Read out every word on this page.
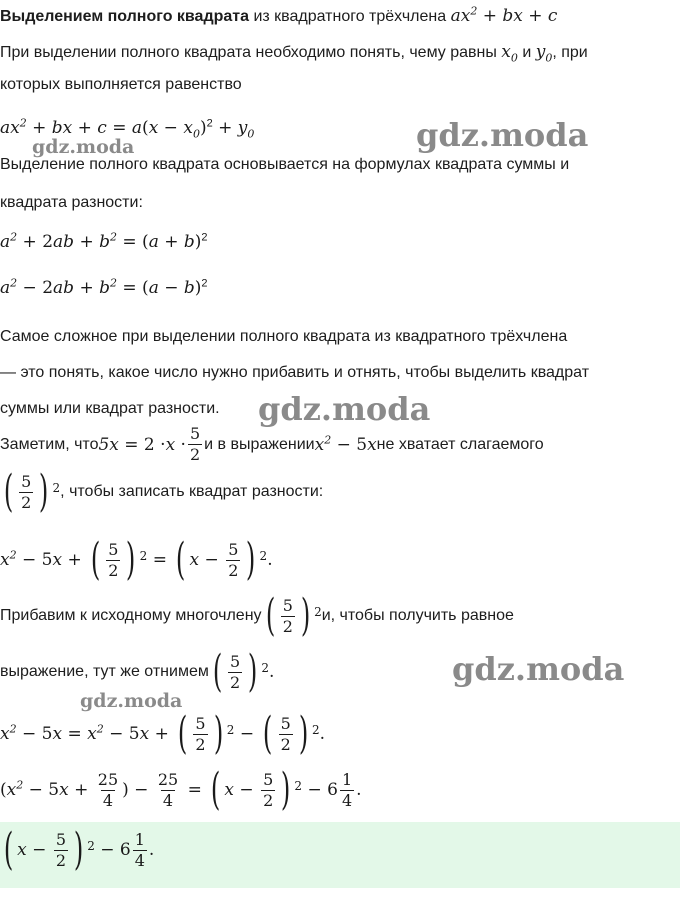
Выделением полного квадрата из квадратного трёхчлена $ax^2$ + bx + c
При выделении полного квадрата необходимо понять, чему равны $x_0$ и $y_0$, при
которых выполняется равенство
$ax^2$ + bx + $c = a(x - x_0)^2 + y_0$
Выделение полного квадрата основывается на формулах квадрата суммы и
квадрата разности:
$a^2 + 2ab + b^2 = (a + b)^2$
$a^2 - 2ab + b^2 = (a - b)^2$
Самое сложное при выделении полного квадрата из квадратного трёхчлена
— это понять, какое число нужно прибавить и отнять, чтобы выделить квадрат
суммы или квадрат разности.
Заметим, что $5x = 2 \cdot x \cdot \frac{5}{2}$ и в выражении $x^2 - 5$ x не хватает слагаемого
( $\frac{5}{2}$ ) 2 , чтобы записать квадрат разности:
$x^2 - 5$ x + ( $\frac{5}{2}$ ) 2 = ( $x - \frac{5}{2}$ ) 2 .
Прибавим к исходному многочлену ( $\frac{5}{2}$ ) 2 и, чтобы получить равное
выражение, тут же отнимем ( $\frac{5}{2}$ ) 2 .
$x^2 - 5$ $x = x^2 - 5$ x + ( $\frac{5}{2}$ ) 2 − ( $\frac{5}{2}$ ) 2 .
( $x^2 - 5$ $x + \frac{25}{4}$ ) − $\frac{25}{4}$ = ( $x - \frac{5}{2}$ ) $2 - 6 \frac{1}{4}$ .
( $x - \frac{5}{2}$ ) $2 - 6 \frac{1}{4}$ .
gdz.moda
gdz.moda
gdz.moda
gdz.moda
gdz.moda
